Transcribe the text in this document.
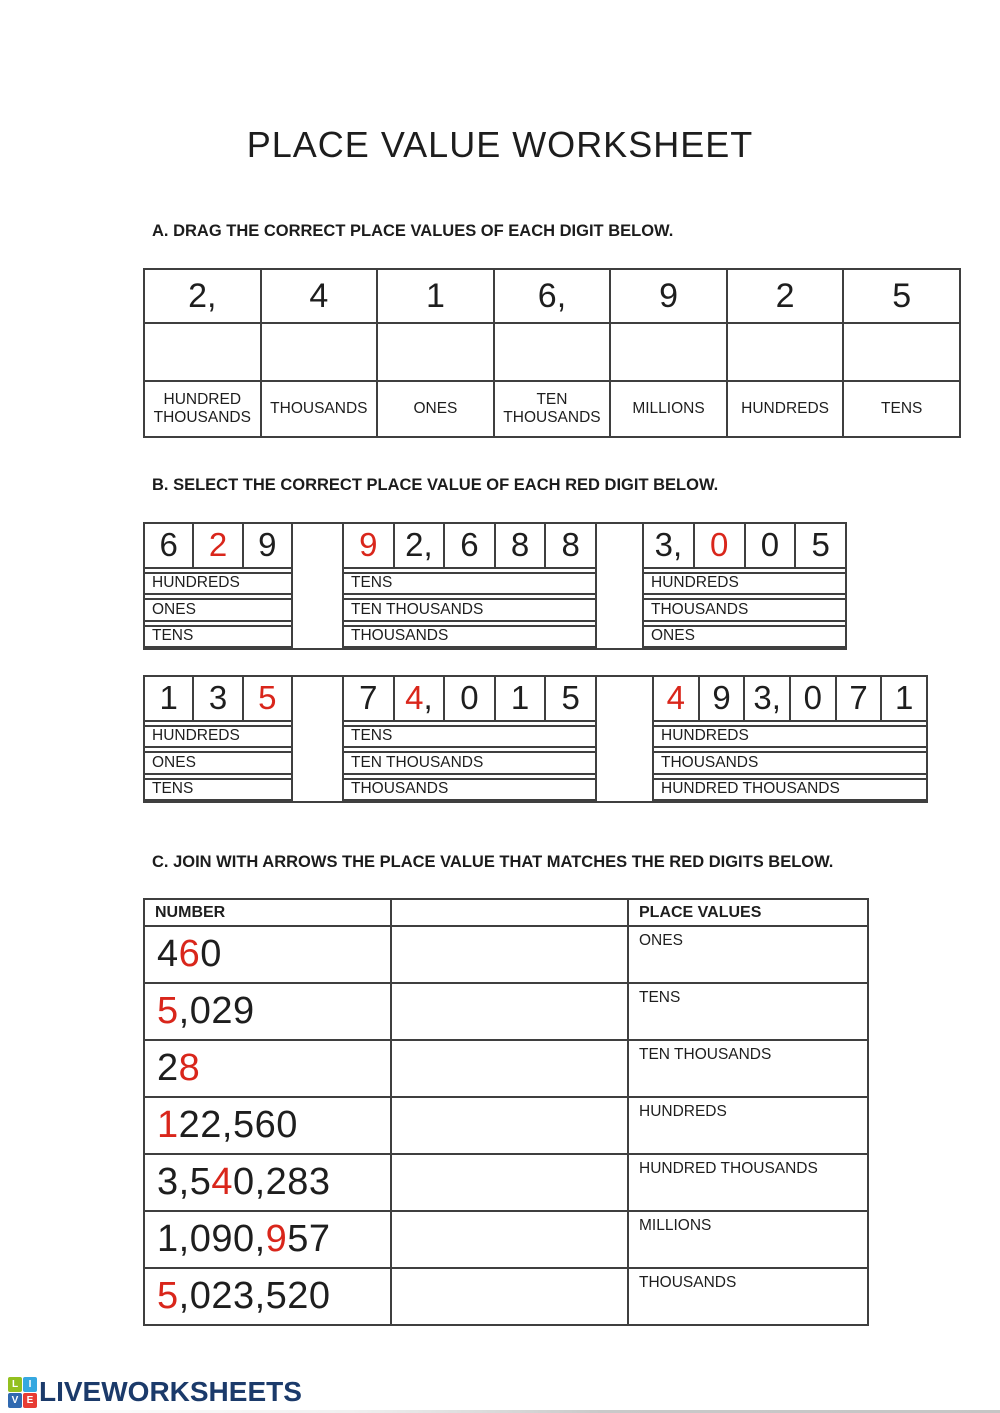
PLACE VALUE WORKSHEET
A. DRAG THE CORRECT PLACE VALUES OF EACH DIGIT BELOW.
2,	4	1	6,	9	2	5

HUNDRED THOUSANDS	THOUSANDS	ONES	TEN THOUSANDS	MILLIONS	HUNDREDS	TENS
B. SELECT THE CORRECT PLACE VALUE OF EACH RED DIGIT BELOW.
6 2 9
HUNDREDS
ONES
TENS
9 2, 6 8 8
TENS
TEN THOUSANDS
THOUSANDS
3, 0 0 5
HUNDREDS
THOUSANDS
ONES
1 3 5
HUNDREDS
ONES
TENS
7 4 , 0 1 5
TENS
TEN THOUSANDS
THOUSANDS
4 9 3, 0 7 1
HUNDREDS
THOUSANDS
HUNDRED THOUSANDS
C. JOIN WITH ARROWS THE PLACE VALUE THAT MATCHES THE RED DIGITS BELOW.
NUMBER		PLACE VALUES
460		ONES
5,029		TENS
28		TEN THOUSANDS
122,560		HUNDREDS
3,540,283		HUNDRED THOUSANDS
1,090,957		MILLIONS
5,023,520		THOUSANDS
L	I
V E LIVEWORKSHEETS
